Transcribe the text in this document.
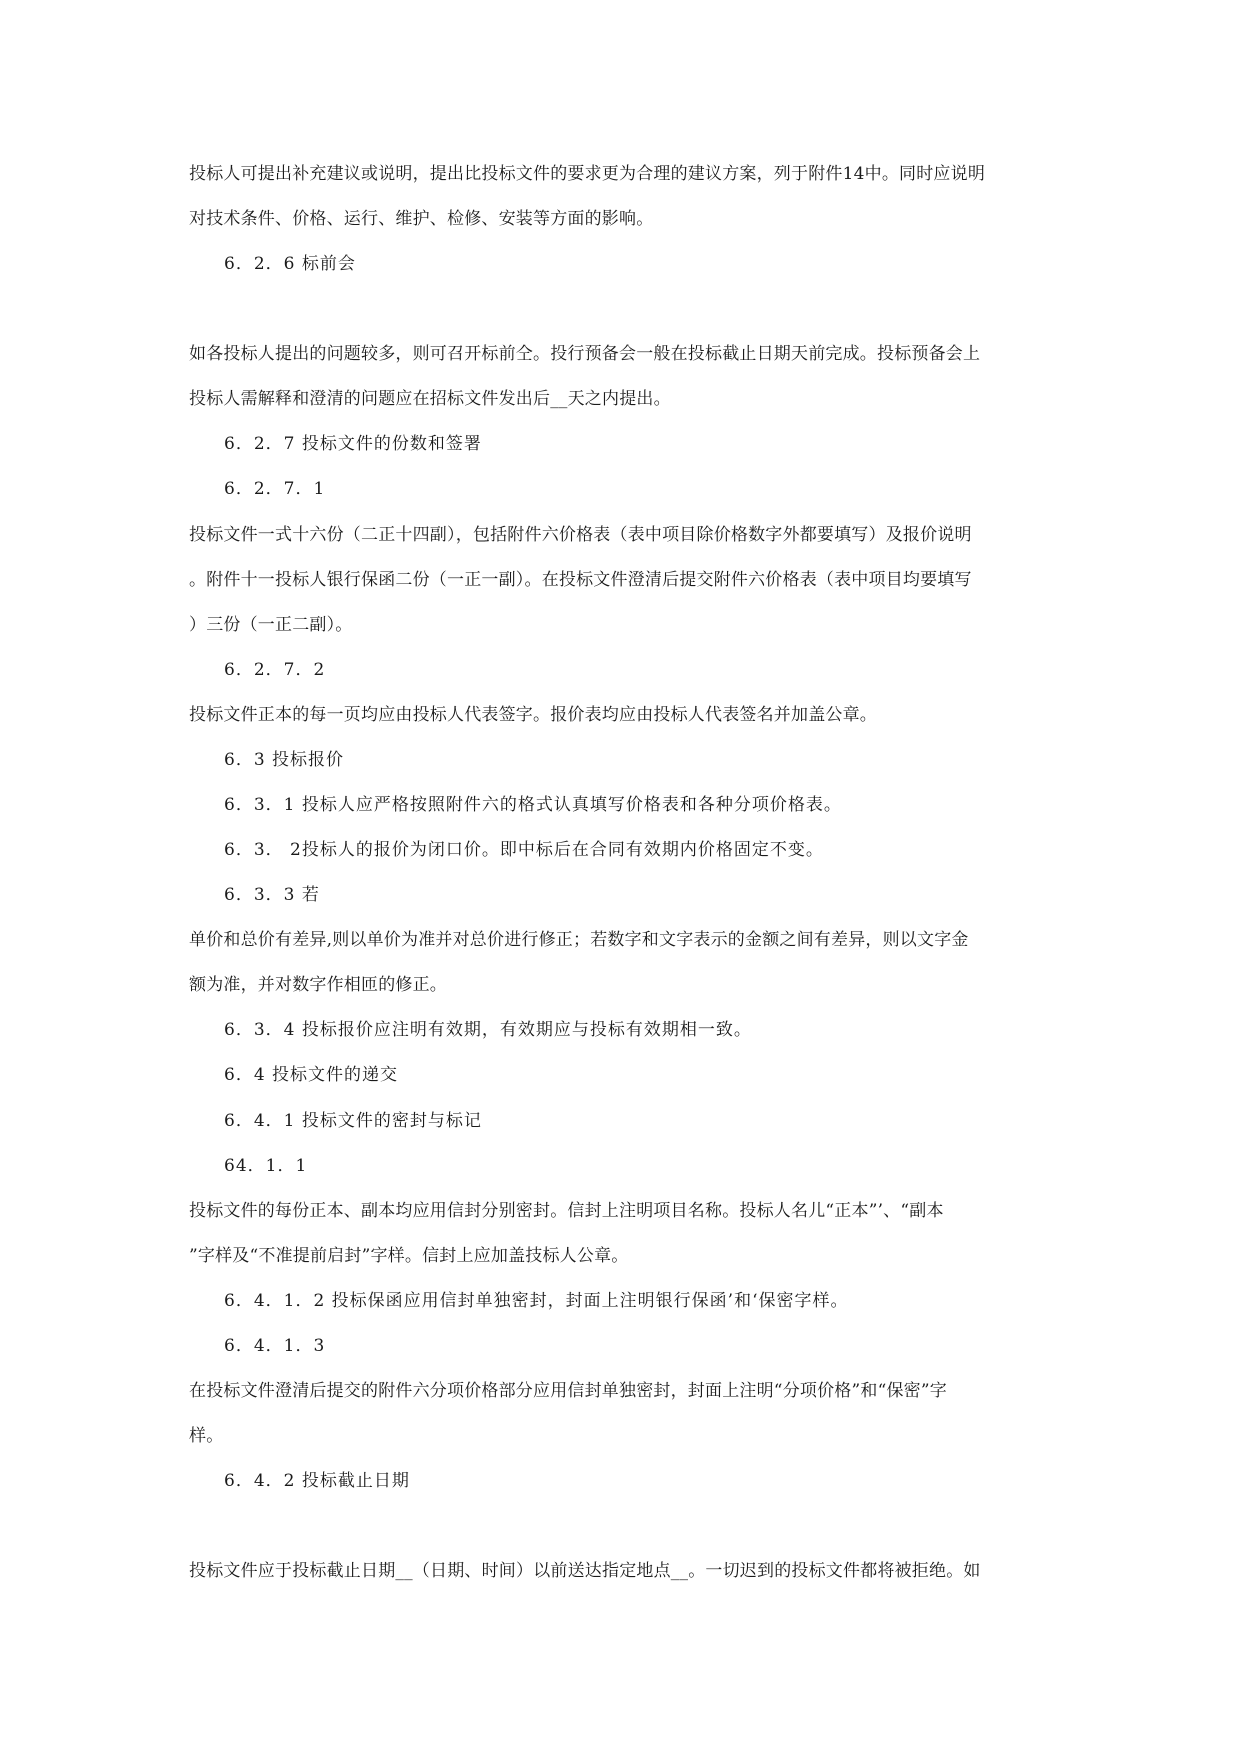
投标人可提出补充建议或说明，提出比投标文件的要求更为合理的建议方案，列于附件14中。同时应说明

对技术条件、价格、运行、维护、检修、安装等方面的影响。

6．2．6 标前会

如各投标人提出的问题较多，则可召开标前仝。投行预备会一般在投标截止日期天前完成。投标预备会上

投标人需解释和澄清的问题应在招标文件发出后__天之内提出。

6．2．7 投标文件的份数和签署

6．2．7．1

投标文件一式十六份（二正十四副），包括附件六价格表（表中项目除价格数字外都要填写）及报价说明

。附件十一投标人银行保函二份（一正一副）。在投标文件澄清后提交附件六价格表（表中项目均要填写

）三份（一正二副）。

6．2．7．2

投标文件正本的每一页均应由投标人代表签字。报价表均应由投标人代表签名并加盖公章。

6．3 投标报价

6．3．1 投标人应严格按照附件六的格式认真填写价格表和各种分项价格表。

6．3． 2投标人的报价为闭口价。即中标后在合同有效期内价格固定不变。

6．3．3 若

单价和总价有差异,则以单价为准并对总价进行修正；若数字和文字表示的金额之间有差异，则以文字金

额为准，并对数字作相匝的修正。

6．3．4 投标报价应注明有效期，有效期应与投标有效期相一致。

6．4 投标文件的递交

6．4．1 投标文件的密封与标记

64．1．1

投标文件的每份正本、副本均应用信封分别密封。信封上注明项目名称。投标人名儿“正本”’、“副本

”字样及“不准提前启封”字样。信封上应加盖技标人公章。

6．4．1．2 投标保函应用信封单独密封，封面上注明银行保函’和‘保密字样。

6．4．1．3

在投标文件澄清后提交的附件六分项价格部分应用信封单独密封，封面上注明“分项价格”和“保密”字

样。

6．4．2 投标截止日期

投标文件应于投标截止日期__（日期、时间）以前送达指定地点__。一切迟到的投标文件都将被拒绝。如
